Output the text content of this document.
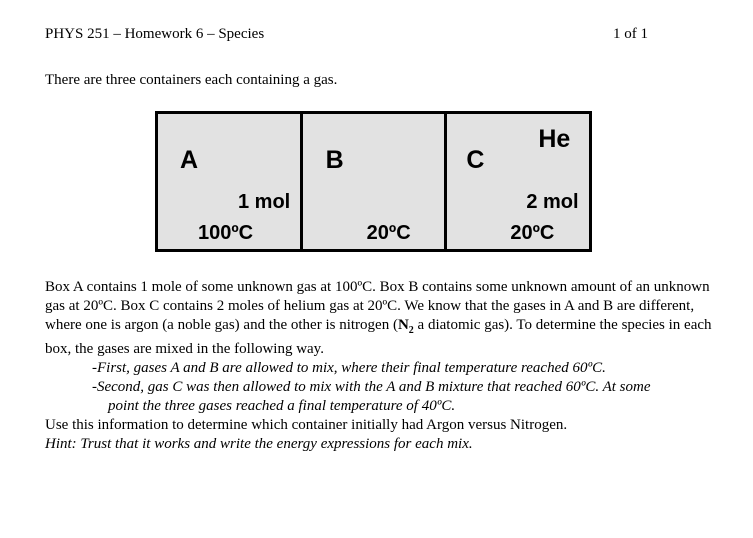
PHYS 251 – Homework 6 – Species	1 of 1
There are three containers each containing a gas.
A
1 mol
100ºC
B
20ºC
C
He
2 mol
20ºC

Box A contains 1 mole of some unknown gas at 100ºC. Box B contains some unknown amount of an unknown gas at 20ºC. Box C contains 2 moles of helium gas at 20ºC. We know that the gases in A and B are different, where one is argon (a noble gas) and the other is nitrogen ($N_2$ a diatomic gas). To determine the species in each box, the gases are mixed in the following way.

-First, gases A and B are allowed to mix, where their final temperature reached 60ºC.

-Second, gas C was then allowed to mix with the A and B mixture that reached 60ºC. At some

point the three gases reached a final temperature of 40ºC.

Use this information to determine which container initially had Argon versus Nitrogen.

Hint: Trust that it works and write the energy expressions for each mix.
